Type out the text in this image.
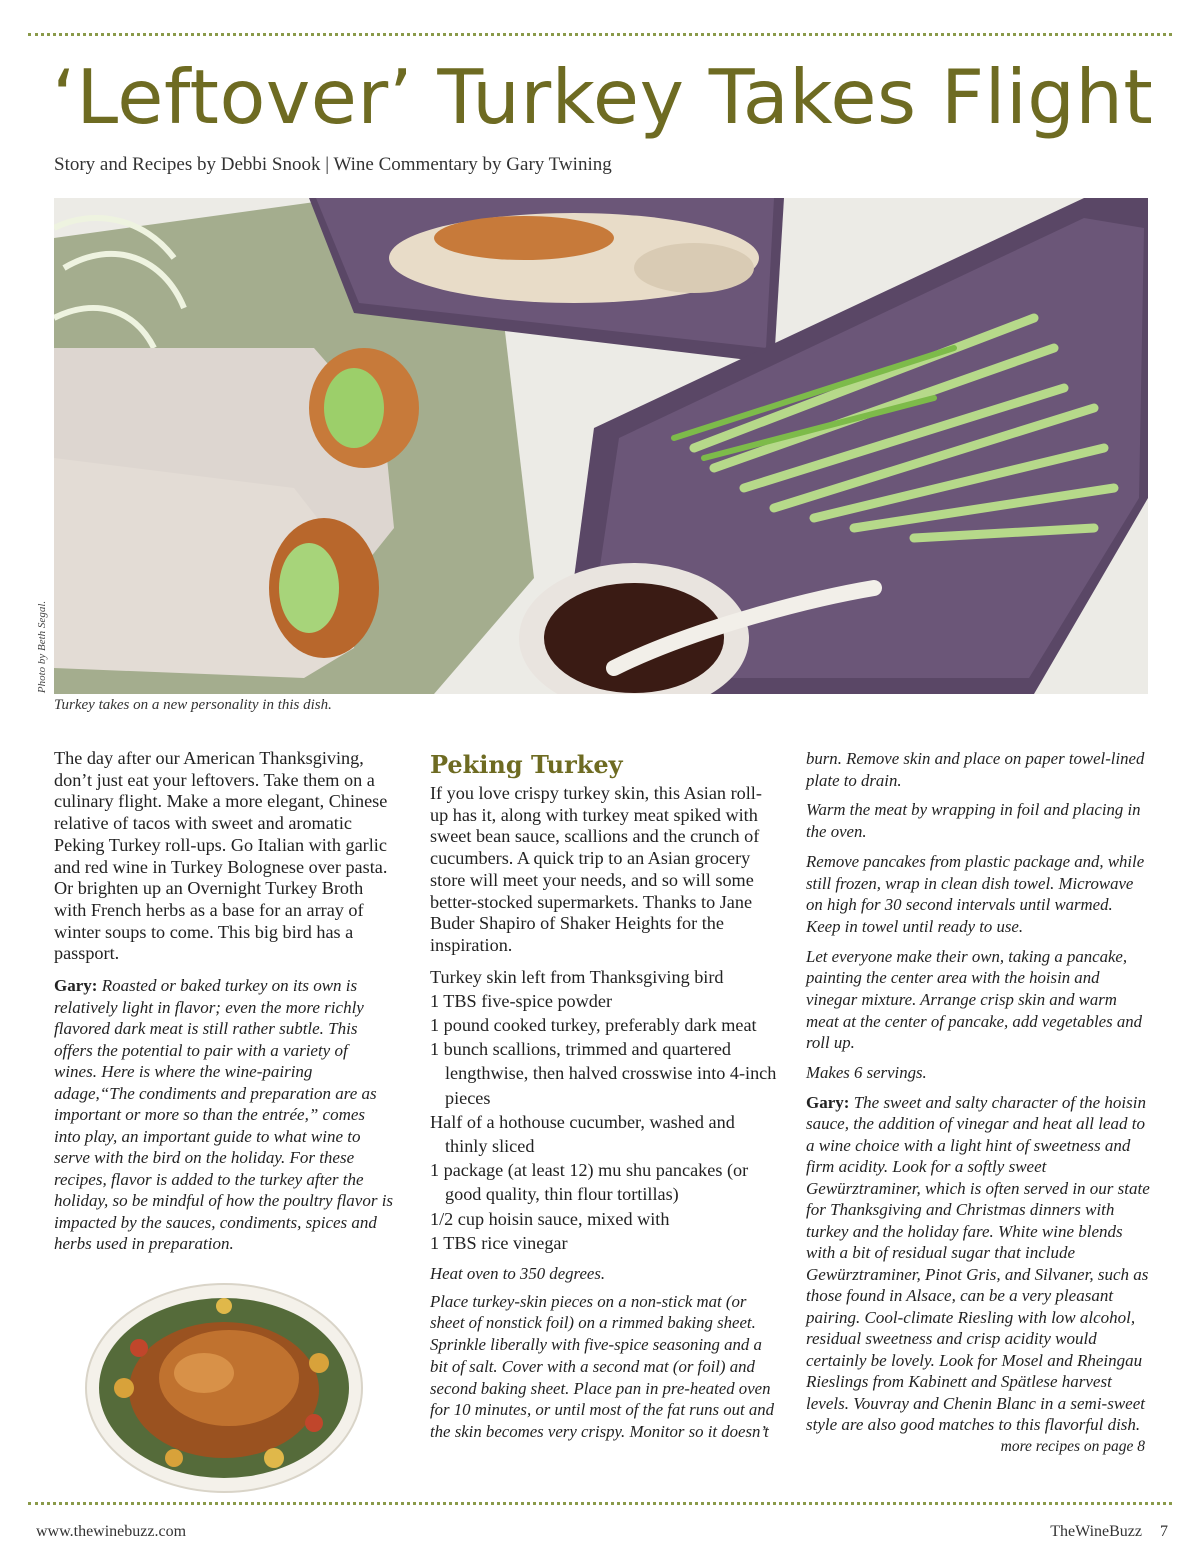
‘Leftover’ Turkey Takes Flight
Story and Recipes by Debbi Snook | Wine Commentary by Gary Twining
Photo by Beth Segal.
Turkey takes on a new personality in this dish.

The day after our American Thanksgiving, don’t just eat your leftovers. Take them on a culinary flight. Make a more elegant, Chinese relative of tacos with sweet and aromatic Peking Turkey roll-ups. Go Italian with garlic and red wine in Turkey Bolognese over pasta. Or brighten up an Overnight Turkey Broth with French herbs as a base for an array of winter soups to come. This big bird has a passport.

Gary: Roasted or baked turkey on its own is relatively light in flavor; even the more richly flavored dark meat is still rather subtle. This offers the potential to pair with a variety of wines. Here is where the wine-pairing adage,“The condiments and preparation are as important or more so than the entrée,” comes into play, an important guide to what wine to serve with the bird on the holiday. For these recipes, flavor is added to the turkey after the holiday, so be mindful of how the poultry flavor is impacted by the sauces, condiments, spices and herbs used in preparation.

Peking Turkey

If you love crispy turkey skin, this Asian roll-up has it, along with turkey meat spiked with sweet bean sauce, scallions and the crunch of cucumbers. A quick trip to an Asian grocery store will meet your needs, and so will some better-stocked supermarkets. Thanks to Jane Buder Shapiro of Shaker Heights for the inspiration.

Turkey skin left from Thanksgiving bird
1 TBS five-spice powder
1 pound cooked turkey, preferably dark meat
1 bunch scallions, trimmed and quartered lengthwise, then halved crosswise into 4-inch pieces
Half of a hothouse cucumber, washed and thinly sliced
1 package (at least 12) mu shu pancakes (or good quality, thin flour tortillas)
1/2 cup hoisin sauce, mixed with
1 TBS rice vinegar

Heat oven to 350 degrees.

Place turkey-skin pieces on a non-stick mat (or sheet of nonstick foil) on a rimmed baking sheet. Sprinkle liberally with five-spice seasoning and a bit of salt. Cover with a second mat (or foil) and second baking sheet. Place pan in pre-heated oven for 10 minutes, or until most of the fat runs out and the skin becomes very crispy. Monitor so it doesn’t

burn. Remove skin and place on paper towel-lined plate to drain.

Warm the meat by wrapping in foil and placing in the oven.

Remove pancakes from plastic package and, while still frozen, wrap in clean dish towel. Microwave on high for 30 second intervals until warmed. Keep in towel until ready to use.

Let everyone make their own, taking a pancake, painting the center area with the hoisin and vinegar mixture. Arrange crisp skin and warm meat at the center of pancake, add vegetables and roll up.

Makes 6 servings.

Gary: The sweet and salty character of the hoisin sauce, the addition of vinegar and heat all lead to a wine choice with a light hint of sweetness and firm acidity. Look for a softly sweet Gewürztraminer, which is often served in our state for Thanksgiving and Christmas dinners with turkey and the holiday fare. White wine blends with a bit of residual sugar that include Gewürztraminer, Pinot Gris, and Silvaner, such as those found in Alsace, can be a very pleasant pairing. Cool-climate Riesling with low alcohol, residual sweetness and crisp acidity would certainly be lovely. Look for Mosel and Rheingau Rieslings from Kabinett and Spätlese harvest levels. Vouvray and Chenin Blanc in a semi-sweet style are also good matches to this flavorful dish.

more recipes on page 8

www.thewinebuzz.com	TheWineBuzz 7
